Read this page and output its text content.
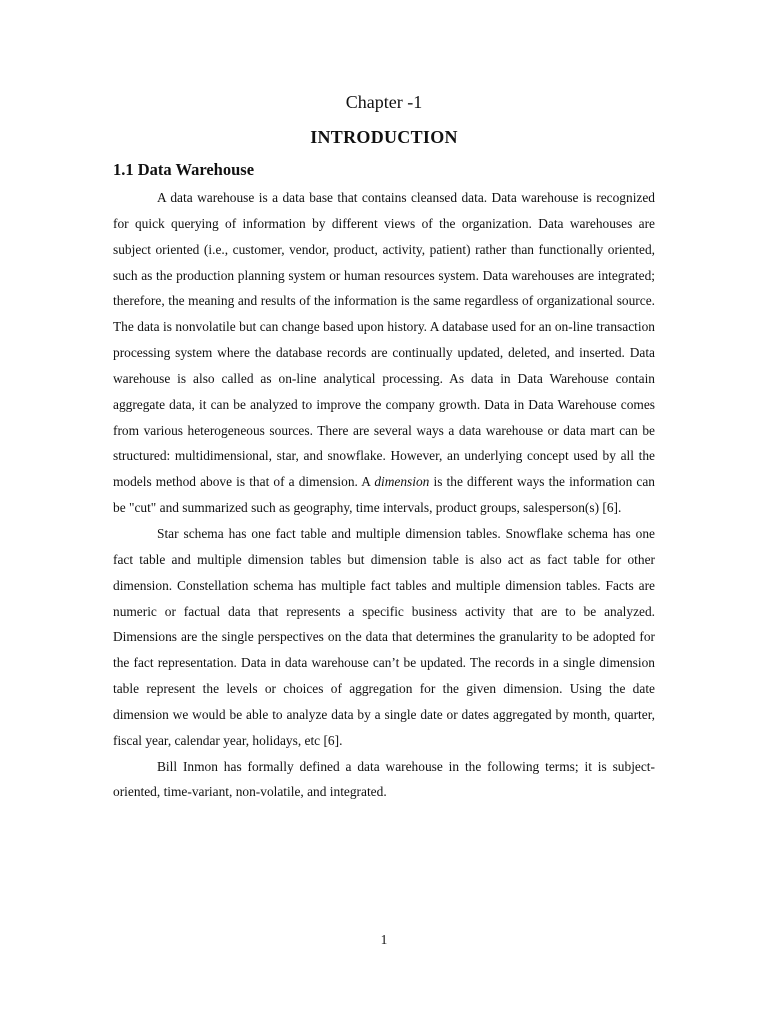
Chapter -1
INTRODUCTION
1.1 Data Warehouse

A data warehouse is a data base that contains cleansed data. Data warehouse is recognized for quick querying of information by different views of the organization. Data warehouses are subject oriented (i.e., customer, vendor, product, activity, patient) rather than functionally oriented, such as the production planning system or human resources system. Data warehouses are integrated; therefore, the meaning and results of the information is the same regardless of organizational source. The data is nonvolatile but can change based upon history. A database used for an on-line transaction processing system where the database records are continually updated, deleted, and inserted. Data warehouse is also called as on-line analytical processing. As data in Data Warehouse contain aggregate data, it can be analyzed to improve the company growth. Data in Data Warehouse comes from various heterogeneous sources. There are several ways a data warehouse or data mart can be structured: multidimensional, star, and snowflake. However, an underlying concept used by all the models method above is that of a dimension. A dimension is the different ways the information can be "cut" and summarized such as geography, time intervals, product groups, salesperson(s) [6].

Star schema has one fact table and multiple dimension tables. Snowflake schema has one fact table and multiple dimension tables but dimension table is also act as fact table for other dimension. Constellation schema has multiple fact tables and multiple dimension tables. Facts are numeric or factual data that represents a specific business activity that are to be analyzed. Dimensions are the single perspectives on the data that determines the granularity to be adopted for the fact representation. Data in data warehouse can’t be updated. The records in a single dimension table represent the levels or choices of aggregation for the given dimension. Using the date dimension we would be able to analyze data by a single date or dates aggregated by month, quarter, fiscal year, calendar year, holidays, etc [6].

Bill Inmon has formally defined a data warehouse in the following terms; it is subject-oriented, time-variant, non-volatile, and integrated.

1
